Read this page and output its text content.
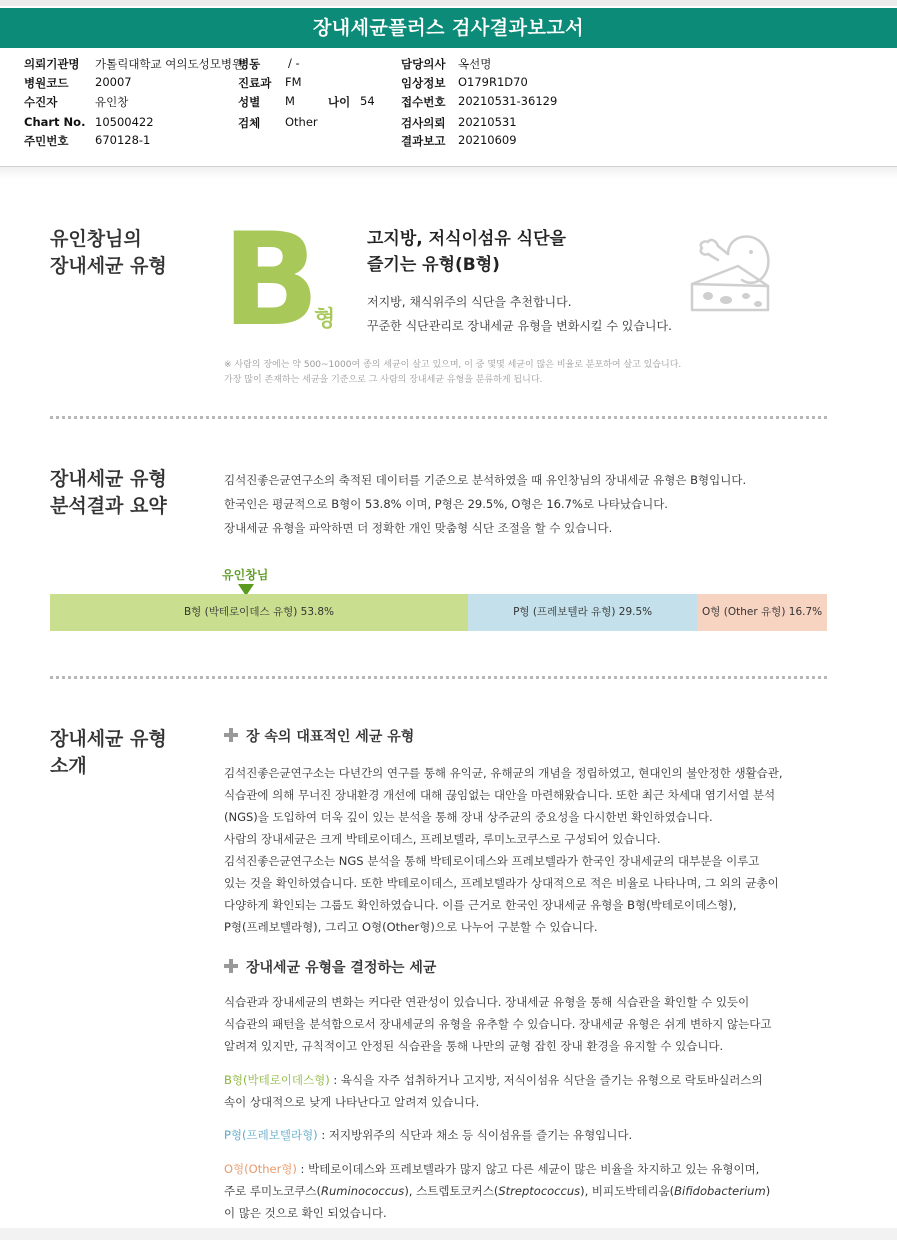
장내세균플러스 검사결과보고서
의뢰기관명 가톨릭대학교 여의도성모병원
병동 / -	담당의사 옥선명
병원코드 20007	진료과 FM	임상정보 O179R1D70
수진자	유인창	성별 M	나이 54 접수번호 20210531-36129
Chart No. 10500422	검체 Other	검사의뢰 20210531
주민번호 670128-1	결과보고 20210609
유인창님의
장내세균 유형 B
형
고지방, 저식이섬유 식단을
즐기는 유형(B형)
저지방, 채식위주의 식단을 추천합니다.
꾸준한 식단관리로 장내세균 유형을 변화시킬 수 있습니다.
※ 사람의 장에는 약 500~1000여 종의 세균이 살고 있으며, 이 중 몇몇 세균이 많은 비율로 분포하여 살고 있습니다.
가장 많이 존재하는 세균을 기준으로 그 사람의 장내세균 유형을 분류하게 됩니다.
장내세균 유형
분석결과 요약
김석진좋은균연구소의 축적된 데이터를 기준으로 분석하였을 때 유인창님의 장내세균 유형은 B형입니다.
한국인은 평균적으로 B형이 53.8% 이며, P형은 29.5%, O형은 16.7%로 나타났습니다.
장내세균 유형을 파악하면 더 정확한 개인 맞춤형 식단 조절을 할 수 있습니다.
유인창님
B형 (박테로이데스 유형) 53.8%	P형 (프레보텔라 유형) 29.5%	O형 (Other 유형) 16.7%
장내세균 유형
소개
장 속의 대표적인 세균 유형

김석진좋은균연구소는 다년간의 연구를 통해 유익균, 유해균의 개념을 정립하였고, 현대인의 불안정한 생활습관,

식습관에 의해 무너진 장내환경 개선에 대해 끊임없는 대안을 마련해왔습니다. 또한 최근 차세대 염기서열 분석

(NGS)을 도입하여 더욱 깊이 있는 분석을 통해 장내 상주균의 중요성을 다시한번 확인하였습니다.

사람의 장내세균은 크게 박테로이데스, 프레보텔라, 루미노코쿠스로 구성되어 있습니다.

김석진좋은균연구소는 NGS 분석을 통해 박테로이데스와 프레보텔라가 한국인 장내세균의 대부분을 이루고

있는 것을 확인하였습니다. 또한 박테로이데스, 프레보텔라가 상대적으로 적은 비율로 나타나며, 그 외의 균총이

다양하게 확인되는 그룹도 확인하였습니다. 이를 근거로 한국인 장내세균 유형을 B형(박테로이데스형),

P형(프레보텔라형), 그리고 O형(Other형)으로 나누어 구분할 수 있습니다.

장내세균 유형을 결정하는 세균

식습관과 장내세균의 변화는 커다란 연관성이 있습니다. 장내세균 유형을 통해 식습관을 확인할 수 있듯이

식습관의 패턴을 분석함으로서 장내세균의 유형을 유추할 수 있습니다. 장내세균 유형은 쉬게 변하지 않는다고

알려져 있지만, 규칙적이고 안정된 식습관을 통해 나만의 균형 잡힌 장내 환경을 유지할 수 있습니다.

B형(박테로이데스형) : 육식을 자주 섭취하거나 고지방, 저식이섬유 식단을 즐기는 유형으로 락토바실러스의

속이 상대적으로 낮게 나타난다고 알려져 있습니다.

P형(프레보텔라형) : 저지방위주의 식단과 채소 등 식이섬유를 즐기는 유형입니다.

O형(Other형) : 박테로이데스와 프레보텔라가 많지 않고 다른 세균이 많은 비율을 차지하고 있는 유형이며,

주로 루미노코쿠스(Ruminococcus), 스트렙토코커스(Streptococcus), 비피도박테리움(Bifidobacterium)

이 많은 것으로 확인 되었습니다.
